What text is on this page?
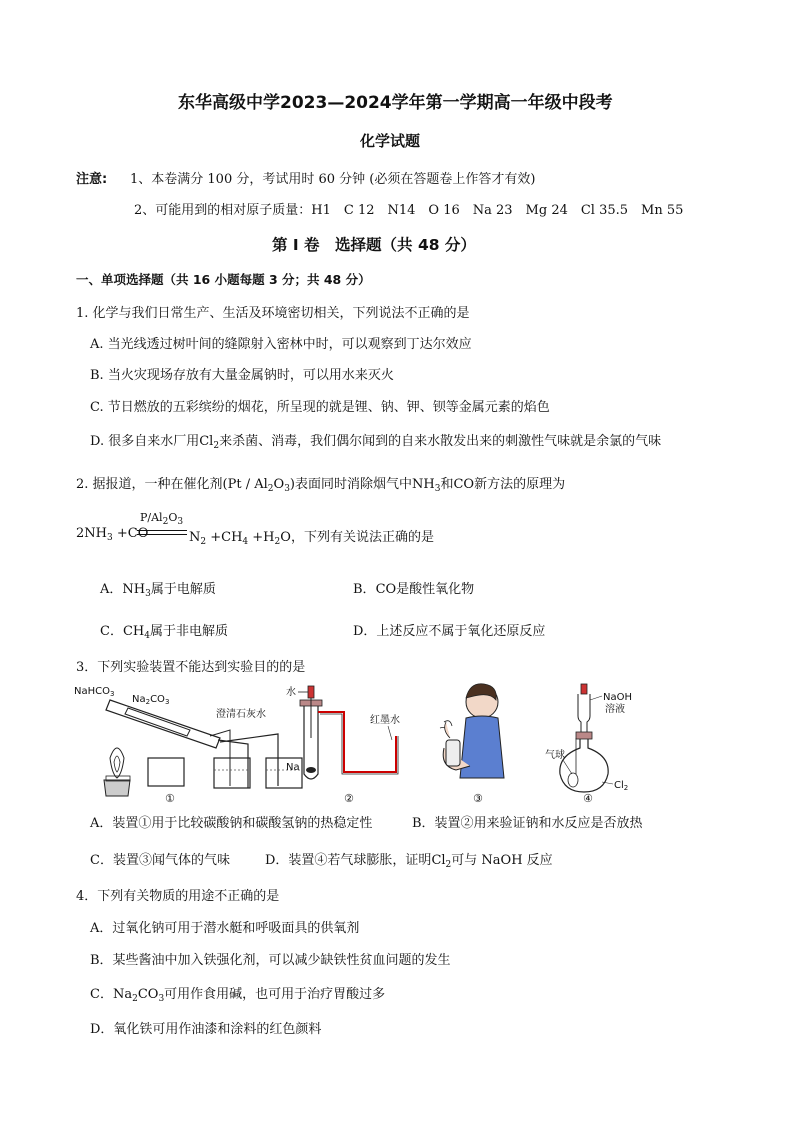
东华高级中学2023—2024学年第一学期高一年级中段考
化学试题
注意: 1、本卷满分 100 分，考试用时 60 分钟 (必须在答题卷上作答才有效)
2、可能用到的相对原子质量：H1　C 12　N14　O 16　Na 23　Mg 24　Cl 35.5　Mn 55
第 Ⅰ 卷　选择题（共 48 分）
一、单项选择题（共 16 小题每题 3 分；共 48 分）
1. 化学与我们日常生产、生活及环境密切相关，下列说法不正确的是
A. 当光线透过树叶间的缝隙射入密林中时，可以观察到丁达尔效应
B. 当火灾现场存放有大量金属钠时，可以用水来灭火
C. 节日燃放的五彩缤纷的烟花，所呈现的就是锂、钠、钾、钡等金属元素的焰色
D. 很多自来水厂用$Cl_2$来杀菌、消毒，我们偶尔闻到的自来水散发出来的刺激性气味就是余氯的气味
2. 据报道，一种在催化剂$(Pt / Al_2O_3)$表面同时消除烟气中$NH_3$和CO新方法的原理为
$2NH_3 +CO$
$P/Al_2O_3$
$N_2 +CH_4 +H_2O$，下列有关说法正确的是
A．$NH_3$属于电解质	B．CO是酸性氧化物
C．$CH_4$属于非电解质	D．上述反应不属于氧化还原反应
3．下列实验装置不能达到实验目的的是
NaHCO$_3$ $Na_2CO_3$
澄清石灰水
①
水
Na
红墨水
②	③
NaOH
溶液
气球
$Cl_2$
④
A．装置①用于比较碳酸钠和碳酸氢钠的热稳定性	B．装置②用来验证钠和水反应是否放热
C．装置③闻气体的气味	D．装置④若气球膨胀，证明$Cl_2$可与 NaOH 反应
4．下列有关物质的用途不正确的是
A．过氧化钠可用于潜水艇和呼吸面具的供氧剂
B．某些酱油中加入铁强化剂，可以减少缺铁性贫血问题的发生
C．$Na_2CO_3$可用作食用碱，也可用于治疗胃酸过多
D．氧化铁可用作油漆和涂料的红色颜料
